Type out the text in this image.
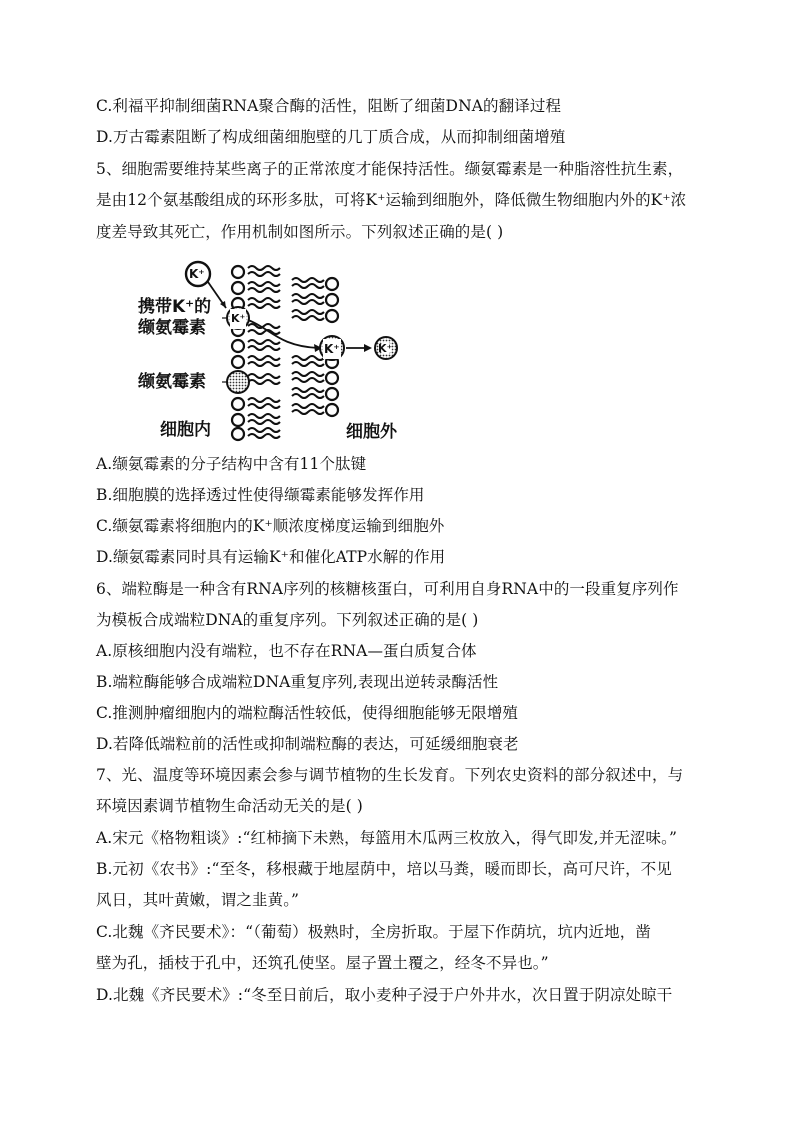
C.利福平抑制细菌RNA聚合酶的活性，阻断了细菌DNA的翻译过程
D.万古霉素阻断了构成细菌细胞壁的几丁质合成，从而抑制细菌增殖
5、细胞需要维持某些离子的正常浓度才能保持活性。缬氨霉素是一种脂溶性抗生素，
是由12个氨基酸组成的环形多肽，可将K⁺运输到细胞外，降低微生物细胞内外的K⁺浓
度差导致其死亡，作用机制如图所示。下列叙述正确的是( )
K⁺
K⁺
K⁺	K⁺
携带K⁺的
缬氨霉素
缬氨霉素
细胞内	细胞外
A.缬氨霉素的分子结构中含有11个肽键
B.细胞膜的选择透过性使得缬霉素能够发挥作用
C.缬氨霉素将细胞内的K⁺顺浓度梯度运输到细胞外
D.缬氨霉素同时具有运输K⁺和催化ATP水解的作用
6、端粒酶是一种含有RNA序列的核糖核蛋白，可利用自身RNA中的一段重复序列作
为模板合成端粒DNA的重复序列。下列叙述正确的是( )
A.原核细胞内没有端粒，也不存在RNA—蛋白质复合体
B.端粒酶能够合成端粒DNA重复序列,表现出逆转录酶活性
C.推测肿瘤细胞内的端粒酶活性较低，使得细胞能够无限增殖
D.若降低端粒前的活性或抑制端粒酶的表达，可延缓细胞衰老
7、光、温度等环境因素会参与调节植物的生长发育。下列农史资料的部分叙述中，与
环境因素调节植物生命活动无关的是( )
A.宋元《格物粗谈》:“红柿摘下未熟，每篮用木瓜两三枚放入，得气即发,并无涩味。”
B.元初《农书》:“至冬，移根藏于地屋荫中，培以马粪，暖而即长，高可尺许，不见
风日，其叶黄嫩，谓之韭黄。”
C.北魏《齐民要术》：“（葡萄）极熟时，全房折取。于屋下作荫坑，坑内近地，凿
壁为孔，插枝于孔中，还筑孔使坚。屋子置土覆之，经冬不异也。”
D.北魏《齐民要术》:“冬至日前后，取小麦种子浸于户外井水，次日置于阴凉处晾干
